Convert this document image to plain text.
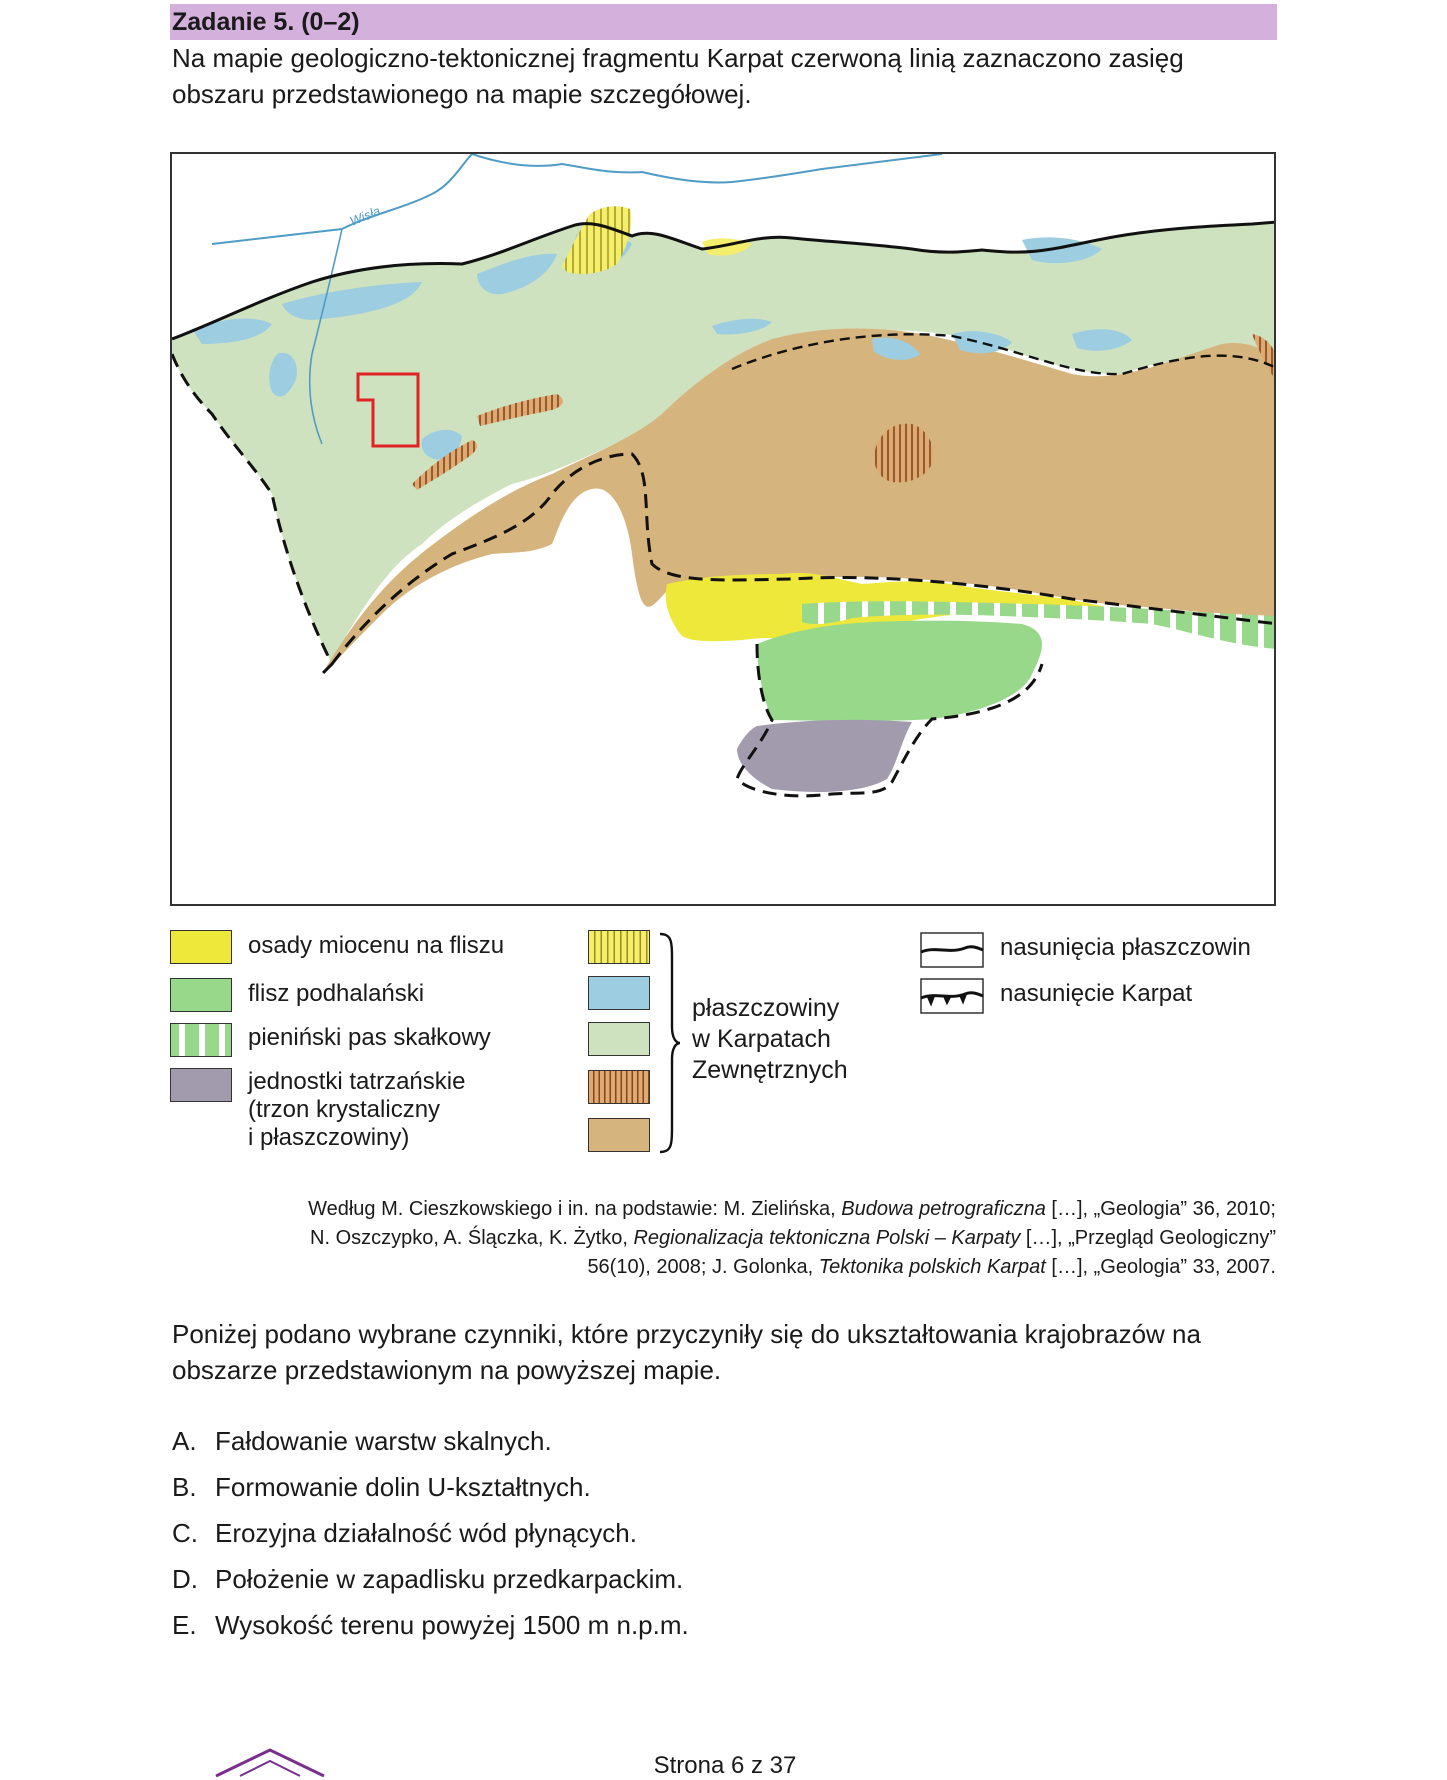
Zadanie 5. (0–2)
Na mapie geologiczno-tektonicznej fragmentu Karpat czerwoną linią zaznaczono zasięg obszaru przedstawionego na mapie szczegółowej.
Wisła
osady miocenu na fliszu
flisz podhalański
pieniński pas skałkowy
jednostki tatrzańskie
(trzon krystaliczny
i płaszczowiny)
płaszczowiny
w Karpatach
Zewnętrznych
nasunięcia płaszczowin
nasunięcie Karpat
Według M. Cieszkowskiego i in. na podstawie: M. Zielińska, Budowa petrograficzna […], „Geologia” 36, 2010;
N. Oszczypko, A. Ślączka, K. Żytko, Regionalizacja tektoniczna Polski – Karpaty […], „Przegląd Geologiczny”
56(10), 2008; J. Golonka, Tektonika polskich Karpat […], „Geologia” 33, 2007.
Poniżej podano wybrane czynniki, które przyczyniły się do ukształtowania krajobrazów na obszarze przedstawionym na powyższej mapie.
A. Fałdowanie warstw skalnych.
B. Formowanie dolin U-kształtnych.
C. Erozyjna działalność wód płynących.
D. Położenie w zapadlisku przedkarpackim.
E. Wysokość terenu powyżej 1500 m n.p.m.
Strona 6 z 37
